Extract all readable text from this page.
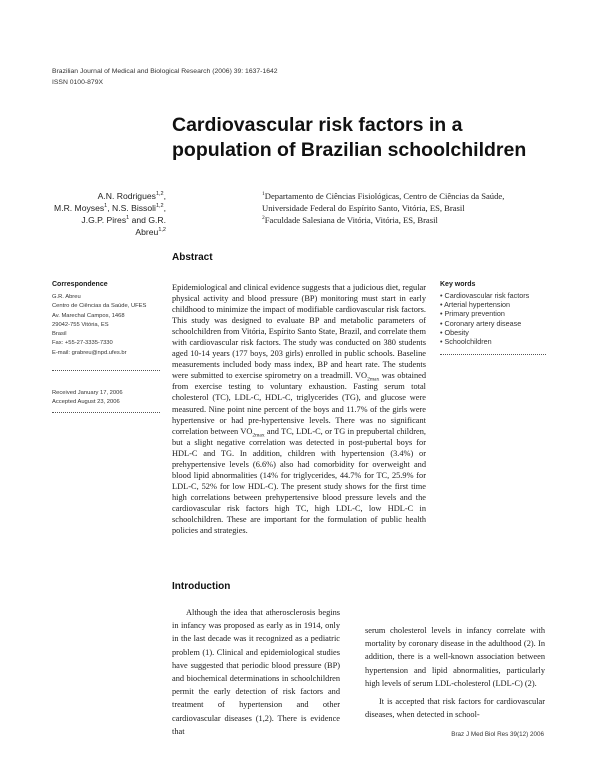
Brazilian Journal of Medical and Biological Research (2006) 39: 1637-1642
ISSN 0100-879X
Cardiovascular risk factors in a
population of Brazilian schoolchildren
A.N. Rodrigues$^{1,2}$,
M.R. Moyses$^1$, N.S. Bissoli$^{1,2}$,
J.G.P. Pires$^1$ and G.R. Abreu$^{1,2}$
$^1$Departamento de Ciências Fisiológicas, Centro de Ciências da Saúde,
Universidade Federal do Espírito Santo, Vitória, ES, Brasil
$^2$Faculdade Salesiana de Vitória, Vitória, ES, Brasil
Abstract

Epidemiological and clinical evidence suggests that a judicious diet, regular physical activity and blood pressure (BP) monitoring must start in early childhood to minimize the impact of modifiable cardiovascular risk factors. This study was designed to evaluate BP and metabolic parameters of schoolchildren from Vitória, Espírito Santo State, Brazil, and correlate them with cardiovascular risk factors. The study was conducted on 380 students aged 10-14 years (177 boys, 203 girls) enrolled in public schools. Baseline measurements included body mass index, BP and heart rate. The students were submitted to exercise spirometry on a treadmill. $VO_{2max}$ was obtained from exercise testing to voluntary exhaustion. Fasting serum total cholesterol (TC), LDL-C, HDL-C, triglycerides (TG), and glucose were measured. Nine point nine percent of the boys and 11.7% of the girls were hypertensive or had pre-hypertensive levels. There was no significant correlation between $VO_{2max}$ and TC, LDL-C, or TG in prepubertal children, but a slight negative correlation was detected in post-pubertal boys for HDL-C and TG. In addition, children with hypertension (3.4%) or prehypertensive levels (6.6%) also had comorbidity for overweight and blood lipid abnormalities (14% for triglycerides, 44.7% for TC, 25.9% for LDL-C, 52% for low HDL-C). The present study shows for the first time high correlations between prehypertensive blood pressure levels and the cardiovascular risk factors high TC, high LDL-C, low HDL-C in schoolchildren. These are important for the formulation of public health policies and strategies.

Correspondence
G.R. Abreu
Centro de Ciências da Saúde, UFES
Av. Marechal Campos, 1468
29042-755 Vitória, ES
Brasil
Fax: +55-27-3335-7330
E-mail: grabreu@npd.ufes.br
Received January 17, 2006
Accepted August 23, 2006
Key words
• Cardiovascular risk factors
• Arterial hypertension
• Primary prevention
• Coronary artery disease
• Obesity
• Schoolchildren
Introduction

Although the idea that atherosclerosis begins in infancy was proposed as early as in 1914, only in the last decade was it recognized as a pediatric problem (1). Clinical and epidemiological studies have suggested that periodic blood pressure (BP) and biochemical determinations in schoolchildren permit the early detection of risk factors and treatment of hypertension and other cardiovascular diseases (1,2). There is evidence that

serum cholesterol levels in infancy correlate with mortality by coronary disease in the adulthood (2). In addition, there is a well-known association between hypertension and lipid abnormalities, particularly high levels of serum LDL-cholesterol (LDL-C) (2).

It is accepted that risk factors for cardiovascular diseases, when detected in school-

Braz J Med Biol Res 39(12) 2006
